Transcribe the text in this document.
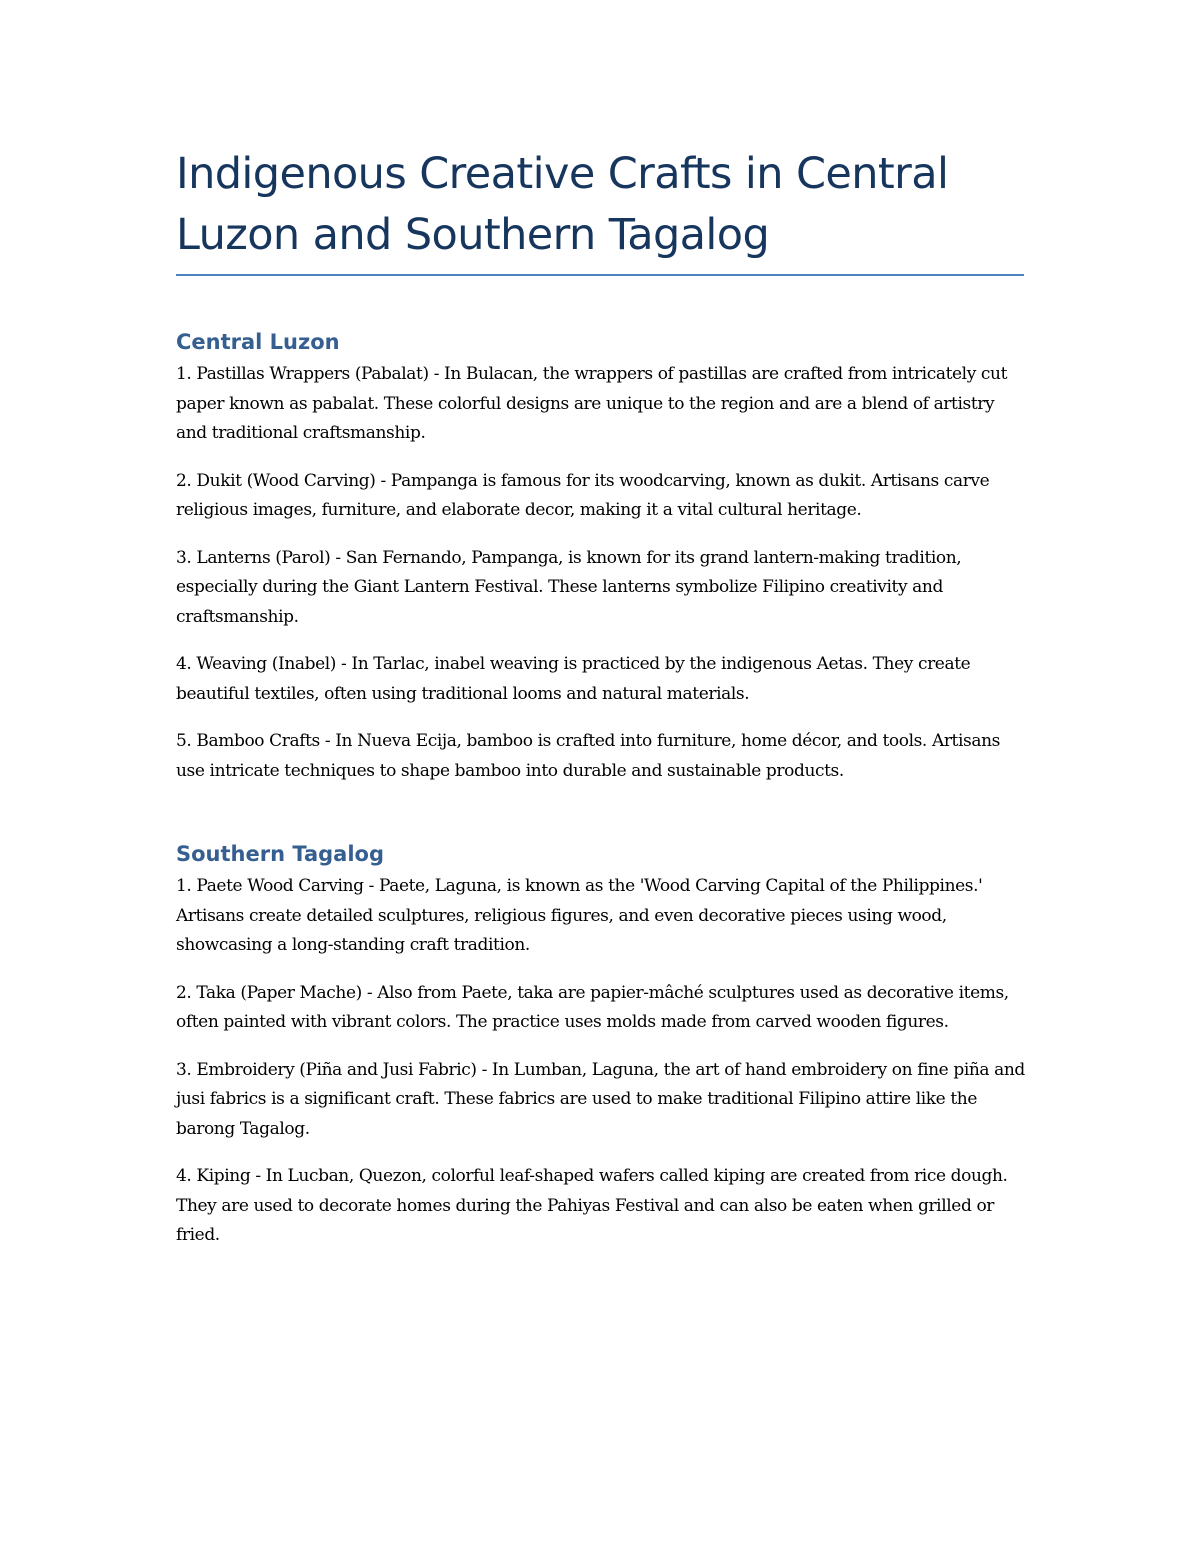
Indigenous Creative Crafts in Central Luzon and Southern Tagalog
Central Luzon

1. Pastillas Wrappers (Pabalat) - In Bulacan, the wrappers of pastillas are crafted from intricately cut paper known as pabalat. These colorful designs are unique to the region and are a blend of artistry and traditional craftsmanship.

2. Dukit (Wood Carving) - Pampanga is famous for its woodcarving, known as dukit. Artisans carve religious images, furniture, and elaborate decor, making it a vital cultural heritage.

3. Lanterns (Parol) - San Fernando, Pampanga, is known for its grand lantern-making tradition, especially during the Giant Lantern Festival. These lanterns symbolize Filipino creativity and craftsmanship.

4. Weaving (Inabel) - In Tarlac, inabel weaving is practiced by the indigenous Aetas. They create beautiful textiles, often using traditional looms and natural materials.

5. Bamboo Crafts - In Nueva Ecija, bamboo is crafted into furniture, home décor, and tools. Artisans use intricate techniques to shape bamboo into durable and sustainable products.

Southern Tagalog

1. Paete Wood Carving - Paete, Laguna, is known as the 'Wood Carving Capital of the Philippines.' Artisans create detailed sculptures, religious figures, and even decorative pieces using wood, showcasing a long-standing craft tradition.

2. Taka (Paper Mache) - Also from Paete, taka are papier-mâché sculptures used as decorative items, often painted with vibrant colors. The practice uses molds made from carved wooden figures.

3. Embroidery (Piña and Jusi Fabric) - In Lumban, Laguna, the art of hand embroidery on fine piña and jusi fabrics is a significant craft. These fabrics are used to make traditional Filipino attire like the barong Tagalog.

4. Kiping - In Lucban, Quezon, colorful leaf-shaped wafers called kiping are created from rice dough. They are used to decorate homes during the Pahiyas Festival and can also be eaten when grilled or fried.
